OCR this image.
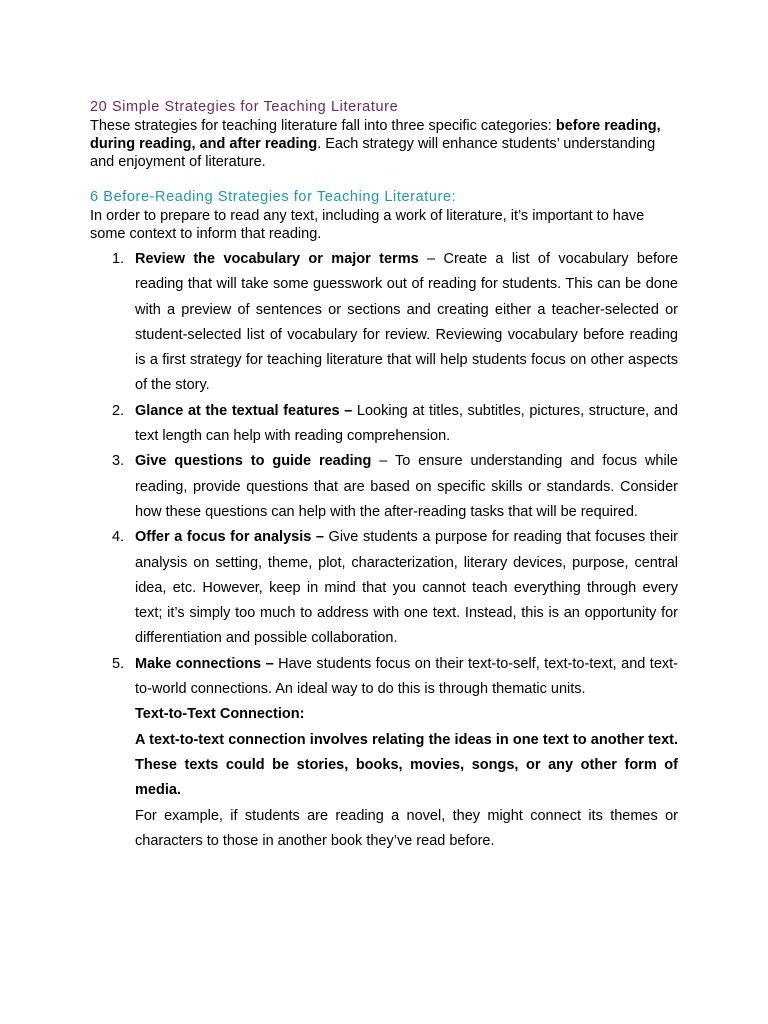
20 Simple Strategies for Teaching Literature

These strategies for teaching literature fall into three specific categories: before reading, during reading, and after reading. Each strategy will enhance students’ understanding and enjoyment of literature.

6 Before-Reading Strategies for Teaching Literature:

In order to prepare to read any text, including a work of literature, it’s important to have some context to inform that reading.

1. Review the vocabulary or major terms – Create a list of vocabulary before reading that will take some guesswork out of reading for students. This can be done with a preview of sentences or sections and creating either a teacher-selected or student-selected list of vocabulary for review. Reviewing vocabulary before reading is a first strategy for teaching literature that will help students focus on other aspects of the story.
2. Glance at the textual features – Looking at titles, subtitles, pictures, structure, and text length can help with reading comprehension.
3. Give questions to guide reading – To ensure understanding and focus while reading, provide questions that are based on specific skills or standards. Consider how these questions can help with the after-reading tasks that will be required.
4. Offer a focus for analysis – Give students a purpose for reading that focuses their analysis on setting, theme, plot, characterization, literary devices, purpose, central idea, etc. However, keep in mind that you cannot teach everything through every text; it’s simply too much to address with one text. Instead, this is an opportunity for differentiation and possible collaboration.
5. Make connections – Have students focus on their text-to-self, text-to-text, and text-to-world connections. An ideal way to do this is through thematic units.

Text-to-Text Connection:

A text-to-text connection involves relating the ideas in one text to another text. These texts could be stories, books, movies, songs, or any other form of media.

For example, if students are reading a novel, they might connect its themes or characters to those in another book they’ve read before.
